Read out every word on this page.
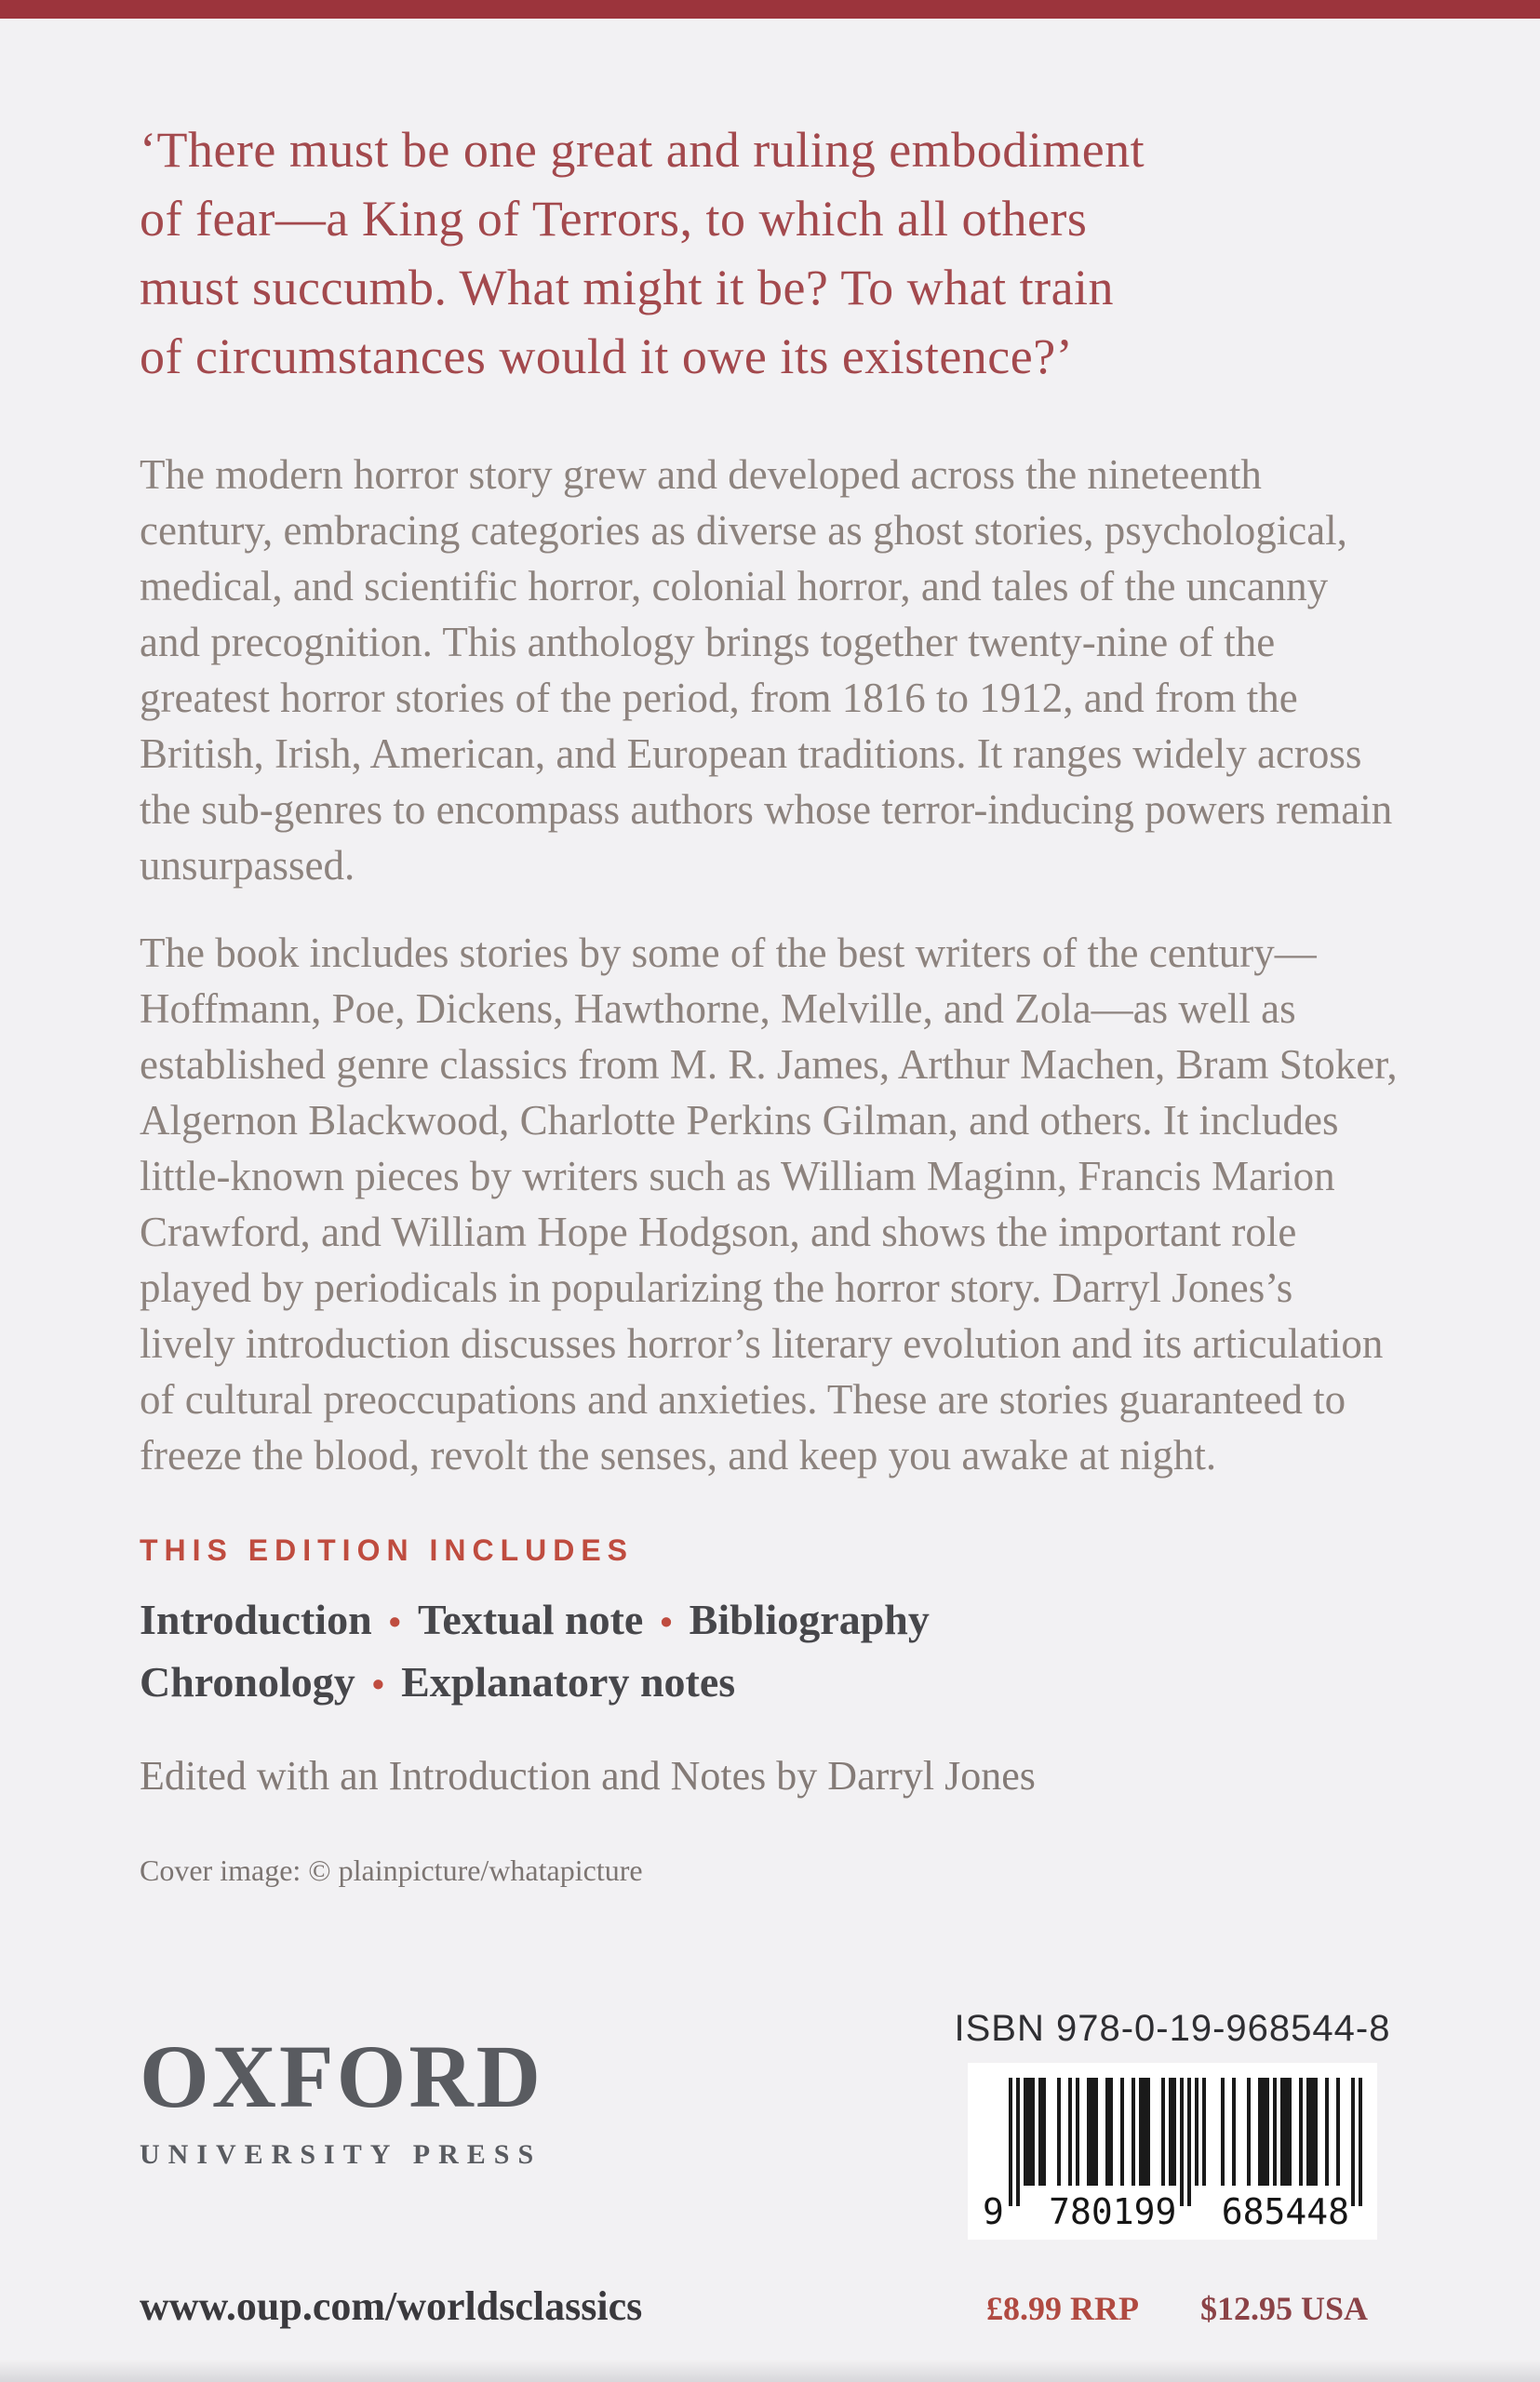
‘There must be one great and ruling embodiment
of fear—a King of Terrors, to which all others
must succumb. What might it be? To what train
of circumstances would it owe its existence?’

The modern horror story grew and developed across the nineteenth century, embracing categories as diverse as ghost stories, psychological, medical, and scientific horror, colonial horror, and tales of the uncanny and precognition. This anthology brings together twenty-nine of the greatest horror stories of the period, from 1816 to 1912, and from the British, Irish, American, and European traditions. It ranges widely across the sub-genres to encompass authors whose terror-inducing powers remain unsurpassed.

The book includes stories by some of the best writers of the century—Hoffmann, Poe, Dickens, Hawthorne, Melville, and Zola—as well as established genre classics from M. R. James, Arthur Machen, Bram Stoker, Algernon Blackwood, Charlotte Perkins Gilman, and others. It includes little-known pieces by writers such as William Maginn, Francis Marion Crawford, and William Hope Hodgson, and shows the important role played by periodicals in popularizing the horror story. Darryl Jones’s lively introduction discusses horror’s literary evolution and its articulation of cultural preoccupations and anxieties. These are stories guaranteed to freeze the blood, revolt the senses, and keep you awake at night.

THIS EDITION INCLUDES
Introduction • Textual note • Bibliography
Chronology • Explanatory notes
Edited with an Introduction and Notes by Darryl Jones
Cover image: © plainpicture/whatapicture
OXFORD
UNIVERSITY PRESS
ISBN 978-0-19-968544-8
9 780199 685448
www.oup.com/worldsclassics	£8.99 RRP $12.95 USA
